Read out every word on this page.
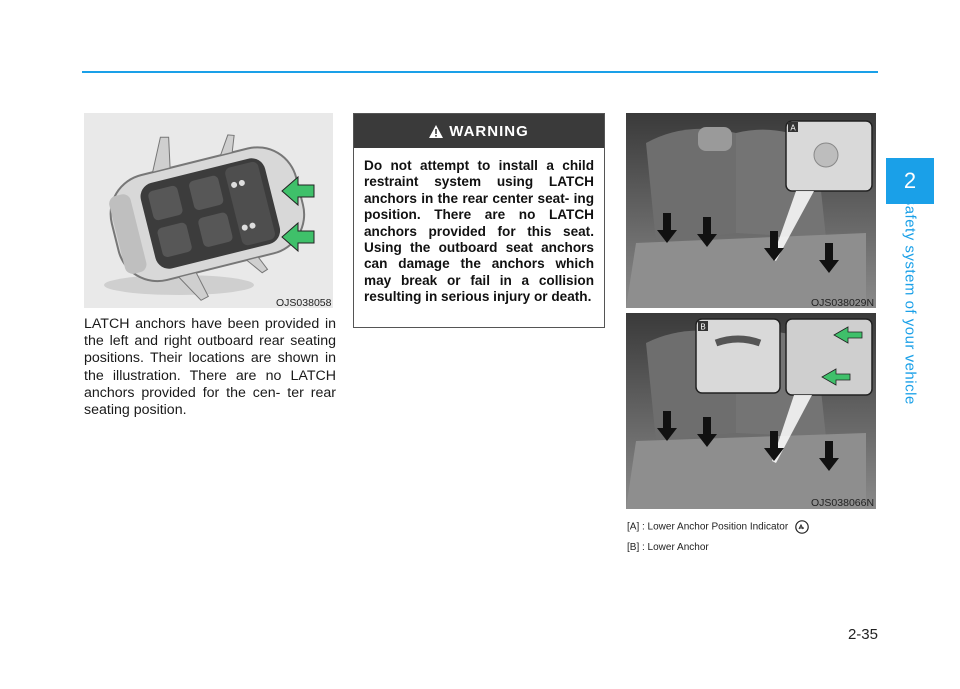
2
Safety system of your vehicle
OJS038058
LATCH anchors have been provided in the left and right outboard rear seating positions. Their locations are shown in the illustration. There are no LATCH anchors provided for the cen- ter rear seating position.
WARNING
Do not attempt to install a child restraint system using LATCH anchors in the rear center seat- ing position. There are no LATCH anchors provided for this seat. Using the outboard seat anchors can damage the anchors which may break or fail in a collision resulting in serious injury or death.
A
OJS038029N
B
OJS038066N
[A] : Lower Anchor Position Indicator
[B] : Lower Anchor
2-35
